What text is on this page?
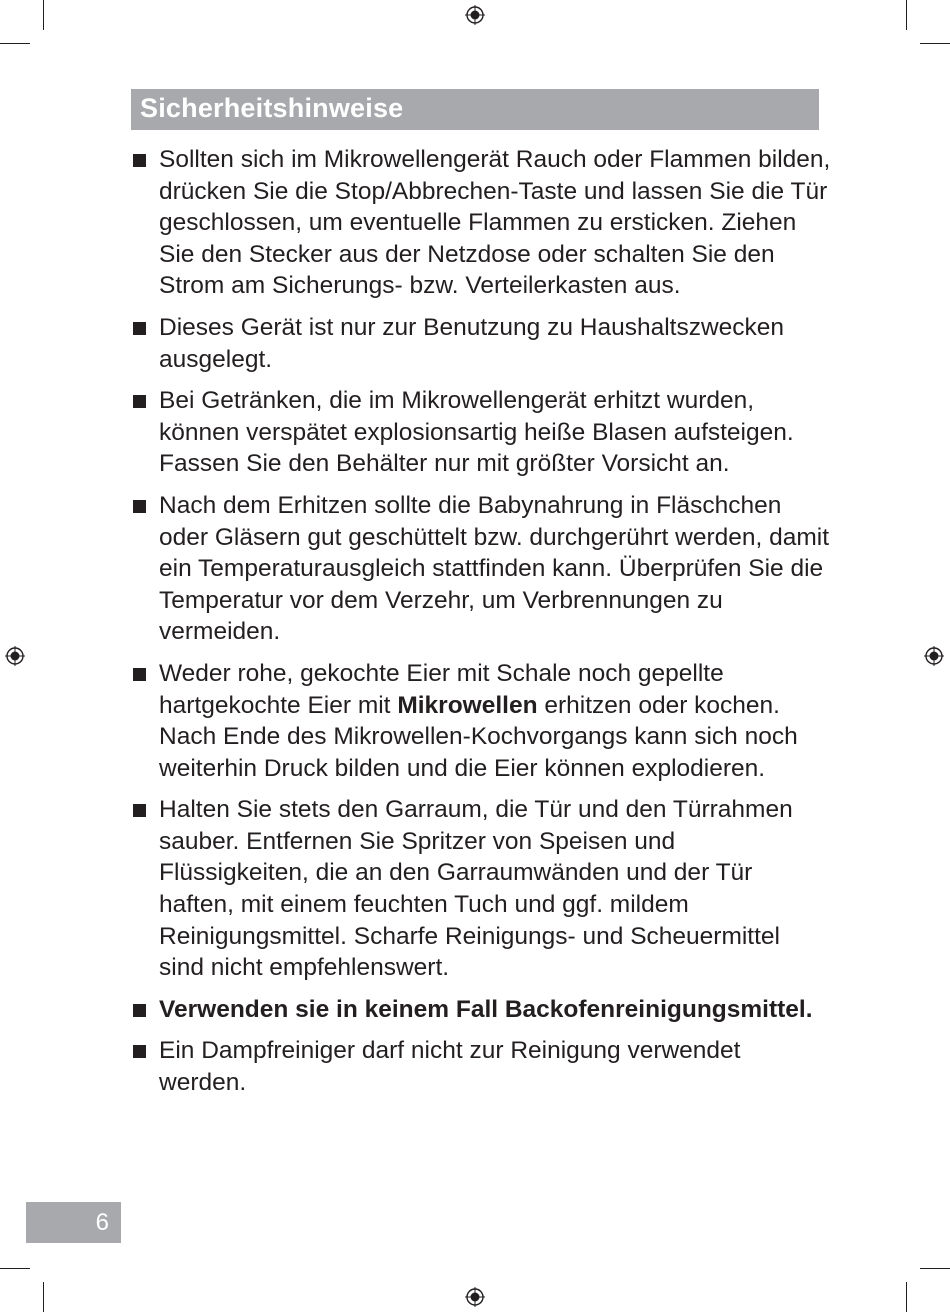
Sicherheitshinweise

Sollten sich im Mikrowellengerät Rauch oder Flammen bilden, drücken Sie die Stop/Abbrechen-Taste und lassen Sie die Tür geschlossen, um eventuelle Flammen zu ersticken. Ziehen Sie den Stecker aus der Netzdose oder schalten Sie den Strom am Sicherungs- bzw. Verteilerkasten aus.

Dieses Gerät ist nur zur Benutzung zu Haushaltszwecken ausgelegt.

Bei Getränken, die im Mikrowellengerät erhitzt wurden, können verspätet explosionsartig heiße Blasen aufsteigen. Fassen Sie den Behälter nur mit größter Vorsicht an.

Nach dem Erhitzen sollte die Babynahrung in Fläschchen oder Gläsern gut geschüttelt bzw. durchgerührt werden, damit ein Temperaturausgleich stattfinden kann. Überprüfen Sie die Temperatur vor dem Verzehr, um Verbrennungen zu vermeiden.

Weder rohe, gekochte Eier mit Schale noch gepellte hartgekochte Eier mit Mikrowellen erhitzen oder kochen. Nach Ende des Mikrowellen-Kochvorgangs kann sich noch weiterhin Druck bilden und die Eier können explodieren.

Halten Sie stets den Garraum, die Tür und den Türrahmen sauber. Entfernen Sie Spritzer von Speisen und Flüssigkeiten, die an den Garraumwänden und der Tür haften, mit einem feuchten Tuch und ggf. mildem Reinigungsmittel. Scharfe Reinigungs- und Scheuermittel sind nicht empfehlenswert.

Verwenden sie in keinem Fall Backofenreinigungsmittel.

Ein Dampfreiniger darf nicht zur Reinigung verwendet werden.

6
